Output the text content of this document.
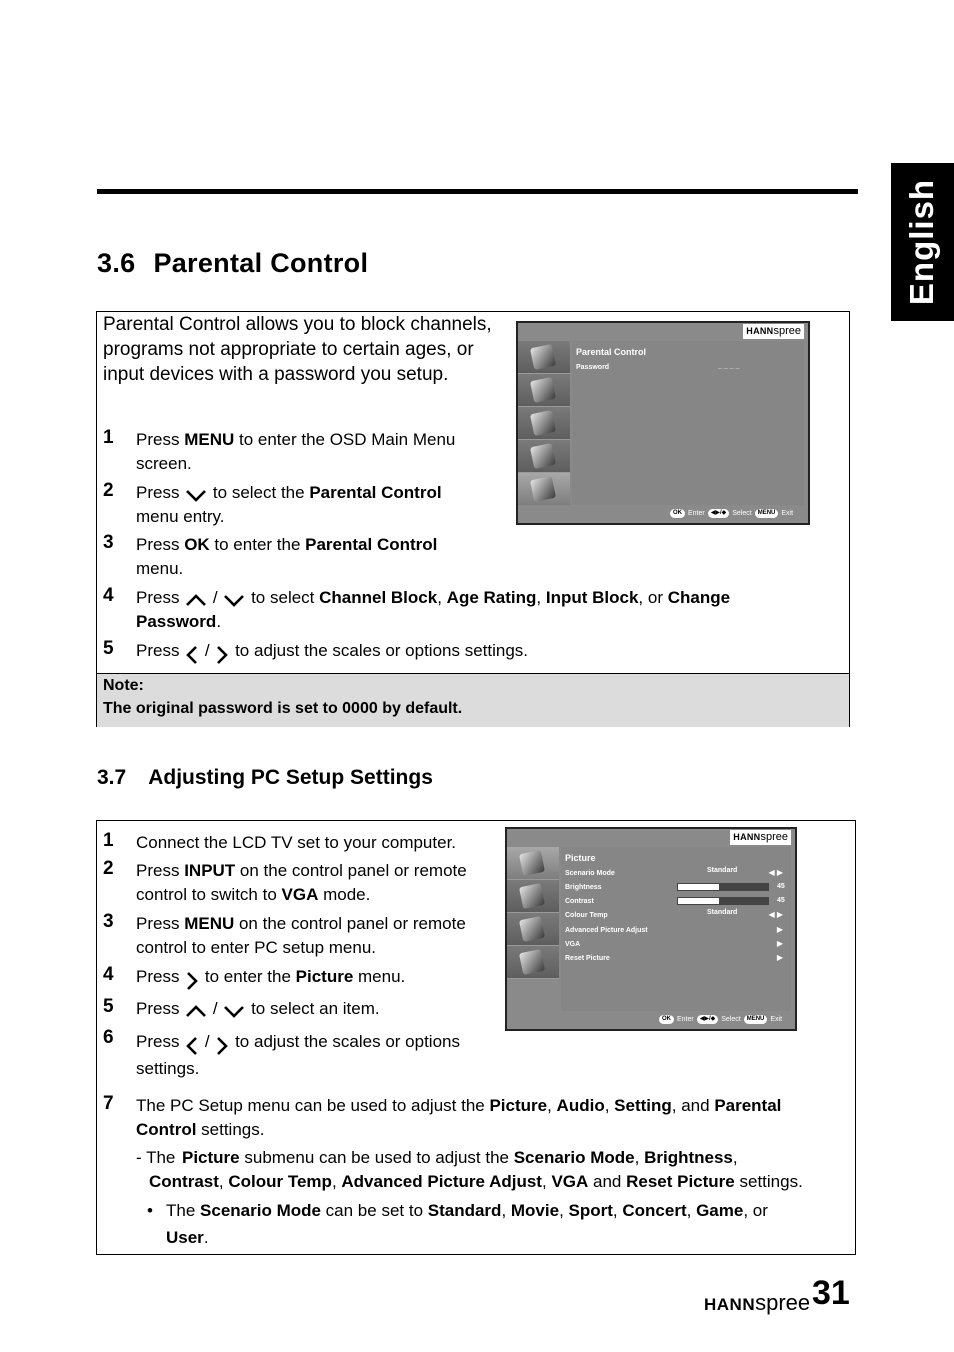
English
3.6 Parental Control
Parental Control allows you to block channels, programs not appropriate to certain ages, or input devices with a password you setup.
1 Press MENU to enter the OSD Main Menu screen.
2 Press
to select the Parental Control menu entry.
3 Press OK to enter the Parental Control menu.
4 Press
/
to select Channel Block, Age Rating, Input Block, or Change Password.
5 Press
/
to adjust the scales or options settings.
HANNspree
Parental Control
Password	_ _ _ _
OK Enter	◀▶/◆ Select	MENU Exit
Note:
The original password is set to 0000 by default.
3.7 Adjusting PC Setup Settings
1 Connect the LCD TV set to your computer.
2 Press INPUT on the control panel or remote control to switch to VGA mode.
3 Press MENU on the control panel or remote control to enter PC setup menu.
4 Press
to enter the Picture menu.
5 Press
/
to select an item.
6 Press
/
to adjust the scales or options settings.
7 The PC Setup menu can be used to adjust the Picture, Audio, Setting, and Parental Control settings.
- The Picture submenu can be used to adjust the Scenario Mode, Brightness,
Contrast, Colour Temp, Advanced Picture Adjust, VGA and Reset Picture settings.
• The Scenario Mode can be set to Standard, Movie, Sport, Concert, Game, or
User.
HANNspree
Picture
Scenario Mode	Standard	◀ ▶
Brightness	45
Contrast	45
Colour Temp	Standard	◀ ▶
Advanced Picture Adjust	▶
VGA	▶
Reset Picture	▶
OK Enter	◀▶/◆ Select	MENU Exit
HANNspree 31
